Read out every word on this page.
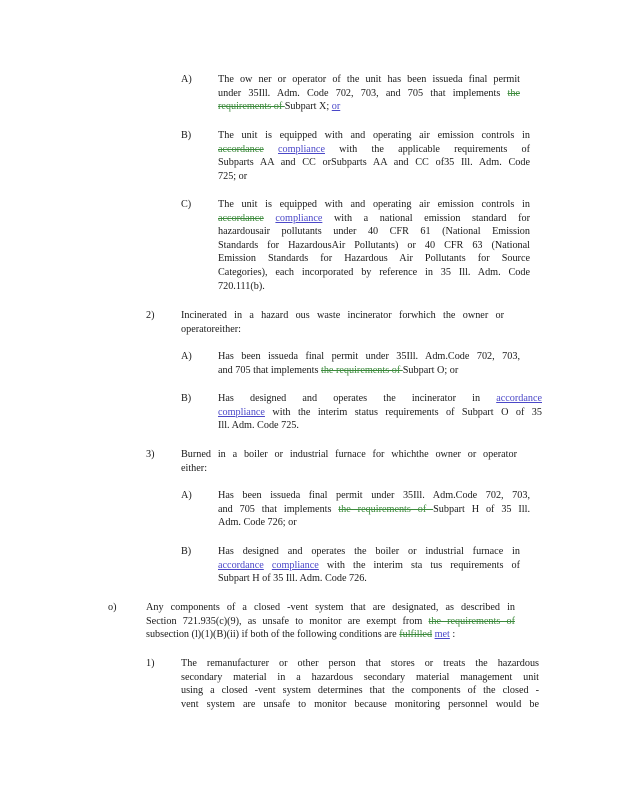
A)	The ow ner or operator of the unit has been issueda final permit
under 35Ill. Adm. Code 702, 703, and 705 that implements the
requirements of Subpart X; or
B)	The unit is equipped with and operating air emission controls in
accordance compliance with the applicable requirements of
Subparts AA and CC orSubparts AA and CC of35 Ill. Adm. Code
725; or
C)	The unit is equipped with and operating air emission controls in
accordance compliance with a national emission standard for
hazardousair pollutants under 40 CFR 61 (National Emission
Standards for HazardousAir Pollutants) or 40 CFR 63 (National
Emission Standards for Hazardous Air Pollutants for Source
Categories), each incorporated by reference in 35 Ill. Adm. Code
720.111(b).
2)	Incinerated in a hazard ous waste incinerator forwhich the owner or
operatoreither:
A)	Has been issueda final permit under 35Ill. Adm.Code 702, 703,
and 705 that implements the requirements of Subpart O; or
B)	Has designed and operates the incinerator in accordance
compliance with the interim status requirements of Subpart O of 35
Ill. Adm. Code 725.
3)	Burned in a boiler or industrial furnace for whichthe owner or operator
either:
A)	Has been issueda final permit under 35Ill. Adm.Code 702, 703,
and 705 that implements the requirements of Subpart H of 35 Ill.
Adm. Code 726; or
B)	Has designed and operates the boiler or industrial furnace in
accordance compliance with the interim sta tus requirements of
Subpart H of 35 Ill. Adm. Code 726.
o)	Any components of a closed -vent system that are designated, as described in
Section 721.935(c)(9), as unsafe to monitor are exempt from the requirements of
subsection (l)(1)(B)(ii) if both of the following conditions are fulfilled met :
1)	The remanufacturer or other person that stores or treats the hazardous
secondary material in a hazardous secondary material management unit
using a closed -vent system determines that the components of the closed -
vent system are unsafe to monitor because monitoring personnel would be
